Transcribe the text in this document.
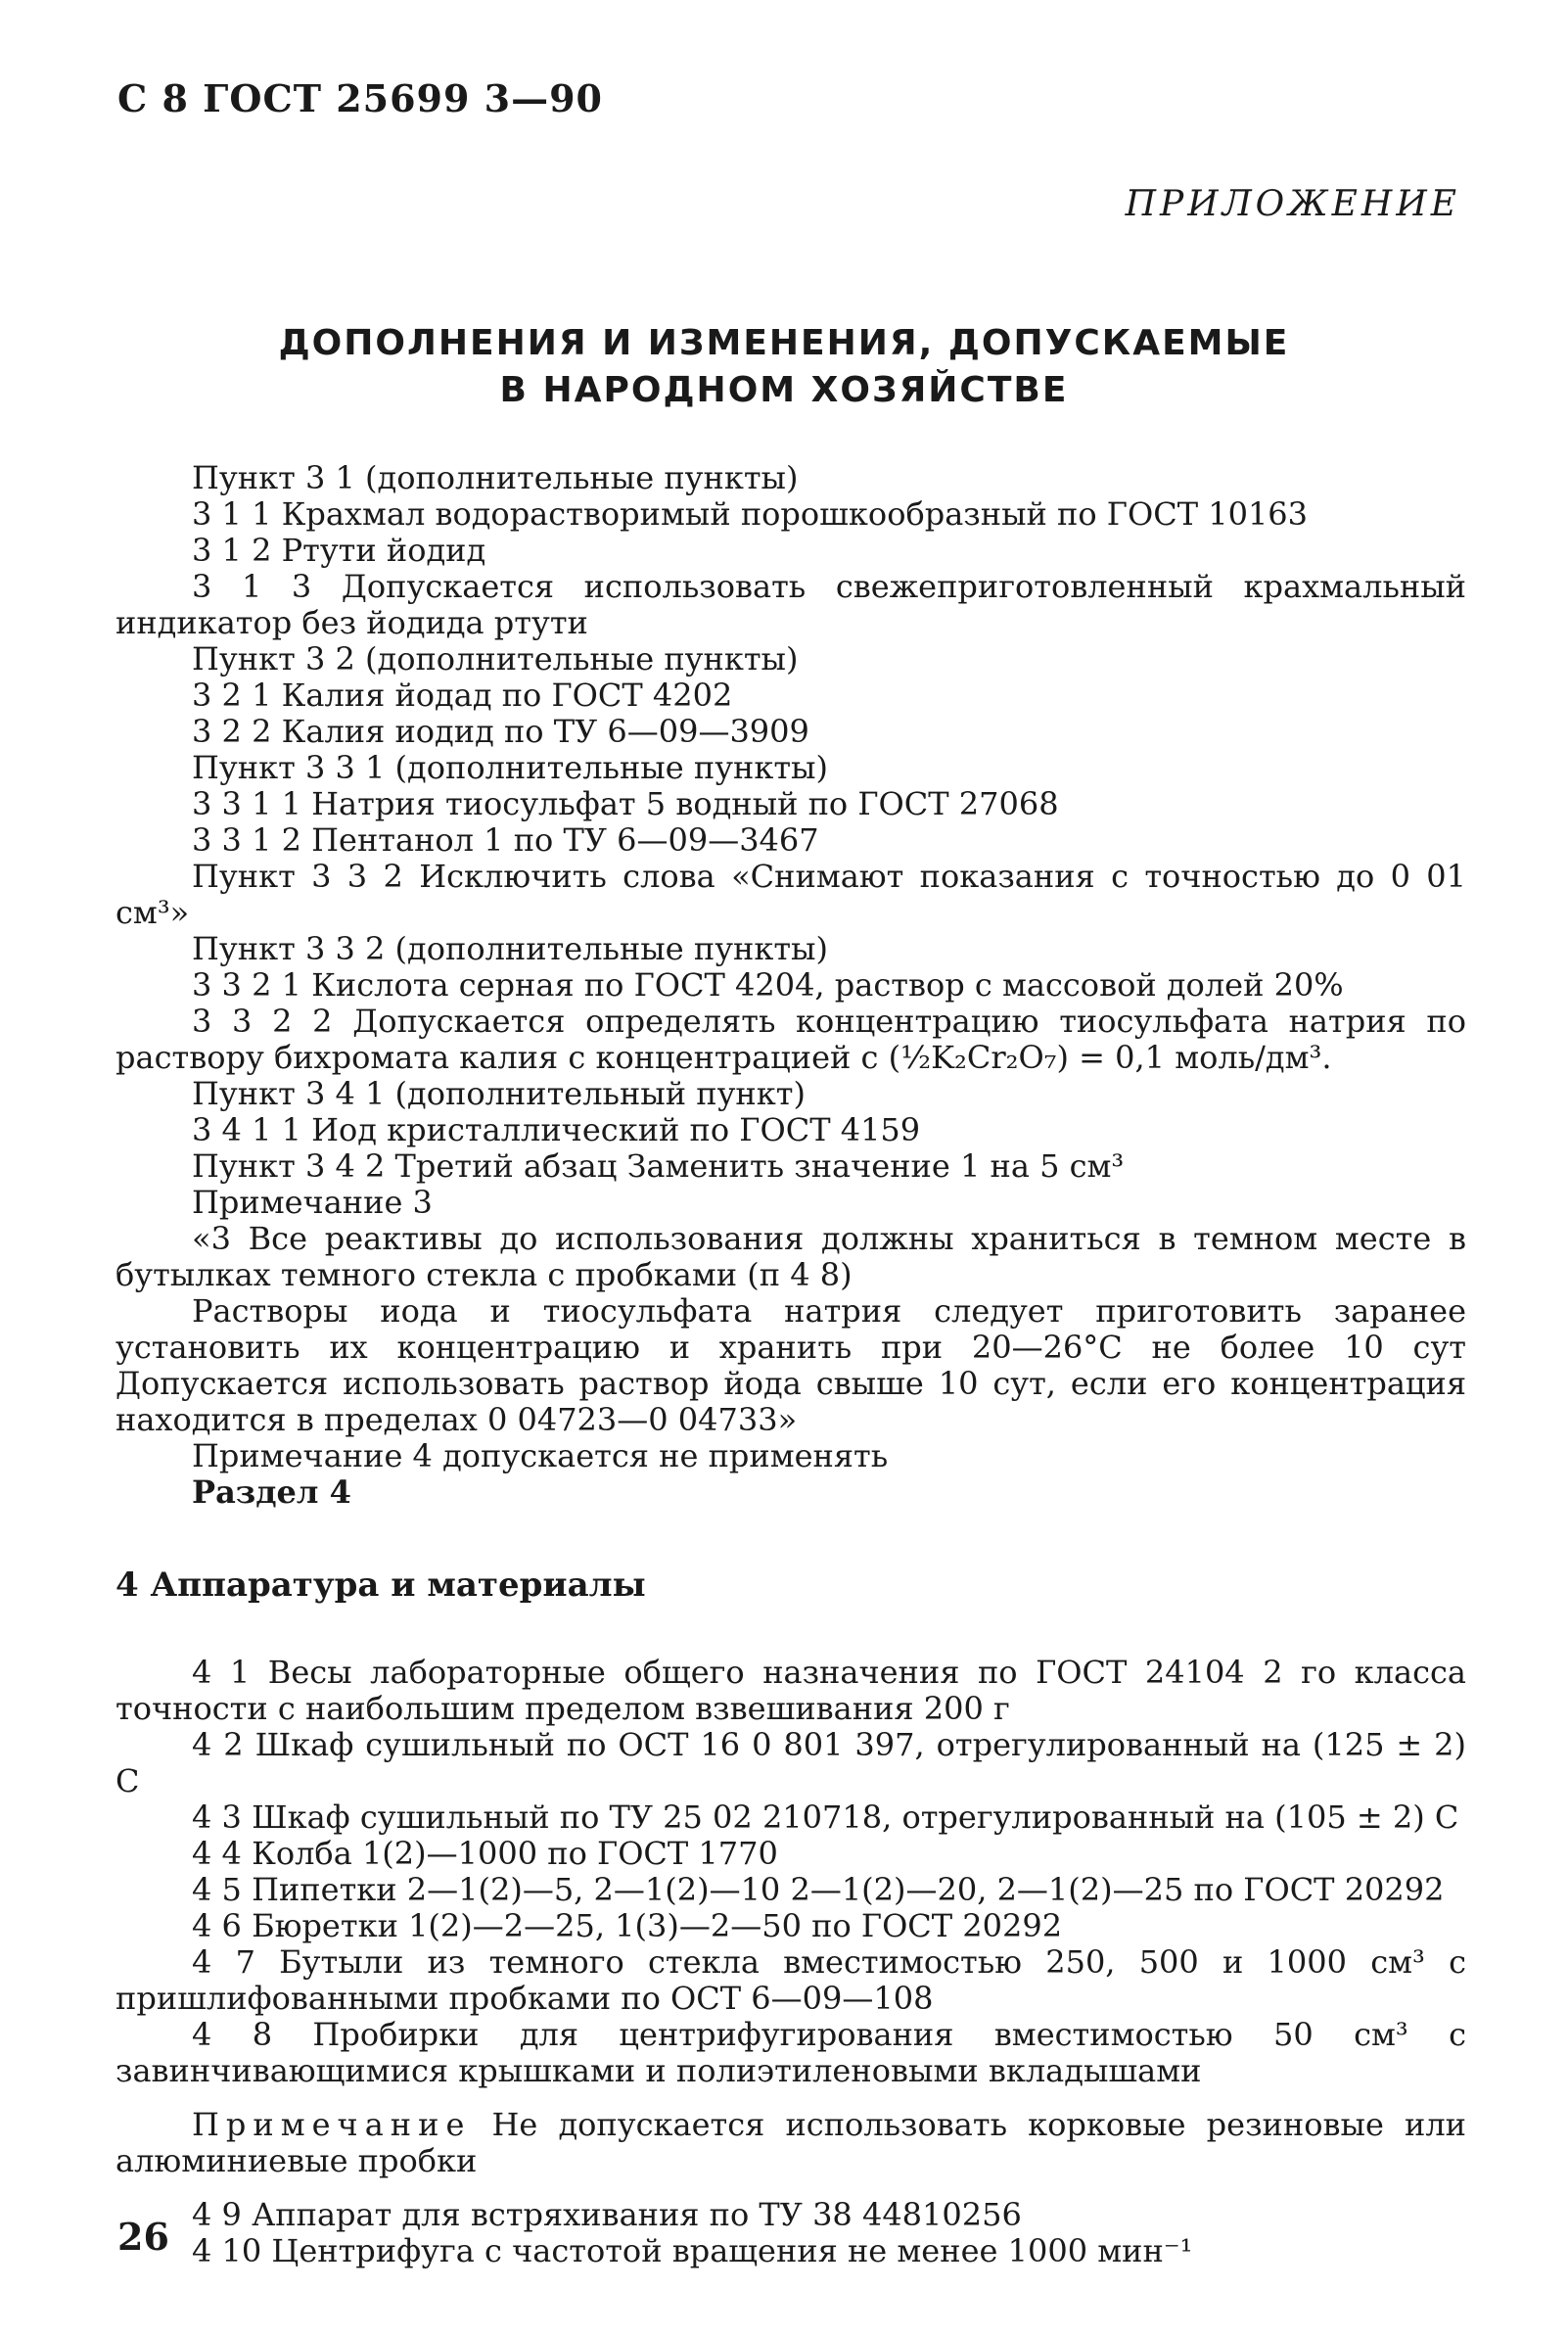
С 8 ГОСТ 25699 3—90
ПРИЛОЖЕНИЕ
ДОПОЛНЕНИЯ И ИЗМЕНЕНИЯ, ДОПУСКАЕМЫЕ
В НАРОДНОМ ХОЗЯЙСТВЕ

Пункт 3 1 (дополнительные пункты)

3 1 1 Крахмал водорастворимый порошкообразный по ГОСТ 10163

3 1 2 Ртути йодид

3 1 3 Допускается использовать свежеприготовленный крахмальный индикатор без йодида ртути

Пункт 3 2 (дополнительные пункты)

3 2 1 Калия йодад по ГОСТ 4202

3 2 2 Калия иодид по ТУ 6—09—3909

Пункт 3 3 1 (дополнительные пункты)

3 3 1 1 Натрия тиосульфат 5 водный по ГОСТ 27068

3 3 1 2 Пентанол 1 по ТУ 6—09—3467

Пункт 3 3 2 Исключить слова «Снимают показания с точностью до 0 01 см³»

Пункт 3 3 2 (дополнительные пункты)

3 3 2 1 Кислота серная по ГОСТ 4204, раствор с массовой долей 20%

3 3 2 2 Допускается определять концентрацию тиосульфата натрия по раствору бихромата калия с концентрацией с (½K₂Cr₂O₇) = 0,1 моль/дм³.

Пункт 3 4 1 (дополнительный пункт)

3 4 1 1 Иод кристаллический по ГОСТ 4159

Пункт 3 4 2 Третий абзац Заменить значение 1 на 5 см³

Примечание 3

«3 Все реактивы до использования должны храниться в темном месте в бутылках темного стекла с пробками (п 4 8)

Растворы иода и тиосульфата натрия следует приготовить заранее установить их концентрацию и хранить при 20—26°С не более 10 сут Допускается использовать раствор йода свыше 10 сут, если его концентрация находится в пределах 0 04723—0 04733»

Примечание 4 допускается не применять

Раздел 4

4 Аппаратура и материалы

4 1 Весы лабораторные общего назначения по ГОСТ 24104 2 го класса точности с наибольшим пределом взвешивания 200 г

4 2 Шкаф сушильный по ОСТ 16 0 801 397, отрегулированный на (125 ± 2) С

4 3 Шкаф сушильный по ТУ 25 02 210718, отрегулированный на (105 ± 2) С

4 4 Колба 1(2)—1000 по ГОСТ 1770

4 5 Пипетки 2—1(2)—5, 2—1(2)—10 2—1(2)—20, 2—1(2)—25 по ГОСТ 20292

4 6 Бюретки 1(2)—2—25, 1(3)—2—50 по ГОСТ 20292

4 7 Бутыли из темного стекла вместимостью 250, 500 и 1000 см³ с пришлифованными пробками по ОСТ 6—09—108

4 8 Пробирки для центрифугирования вместимостью 50 см³ с завинчивающимися крышками и полиэтиленовыми вкладышами

Примечание Не допускается использовать корковые резиновые или алюминиевые пробки

4 9 Аппарат для встряхивания по ТУ 38 44810256

4 10 Центрифуга с частотой вращения не менее 1000 мин⁻¹

26
